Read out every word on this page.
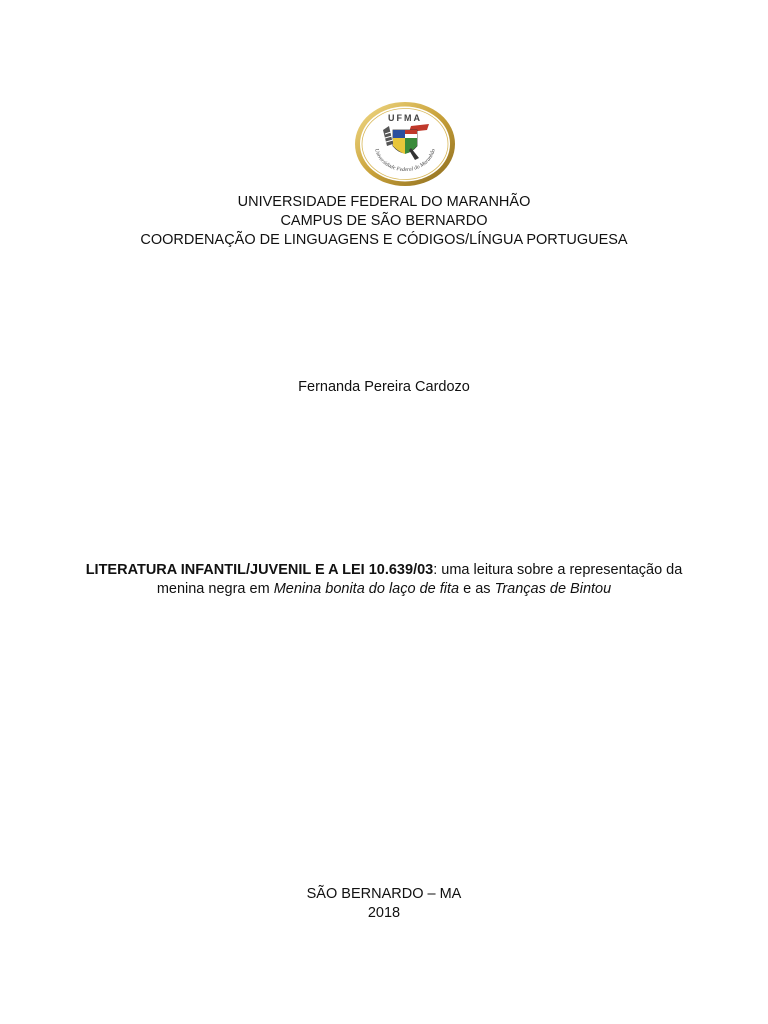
UFMA
Universidade Federal do Maranhão
UNIVERSIDADE FEDERAL DO MARANHÃO
CAMPUS DE SÃO BERNARDO
COORDENAÇÃO DE LINGUAGENS E CÓDIGOS/LÍNGUA PORTUGUESA
Fernanda Pereira Cardozo
LITERATURA INFANTIL/JUVENIL E A LEI 10.639/03: uma leitura sobre a representação da menina negra em Menina bonita do laço de fita e as Tranças de Bintou
SÃO BERNARDO – MA
2018
